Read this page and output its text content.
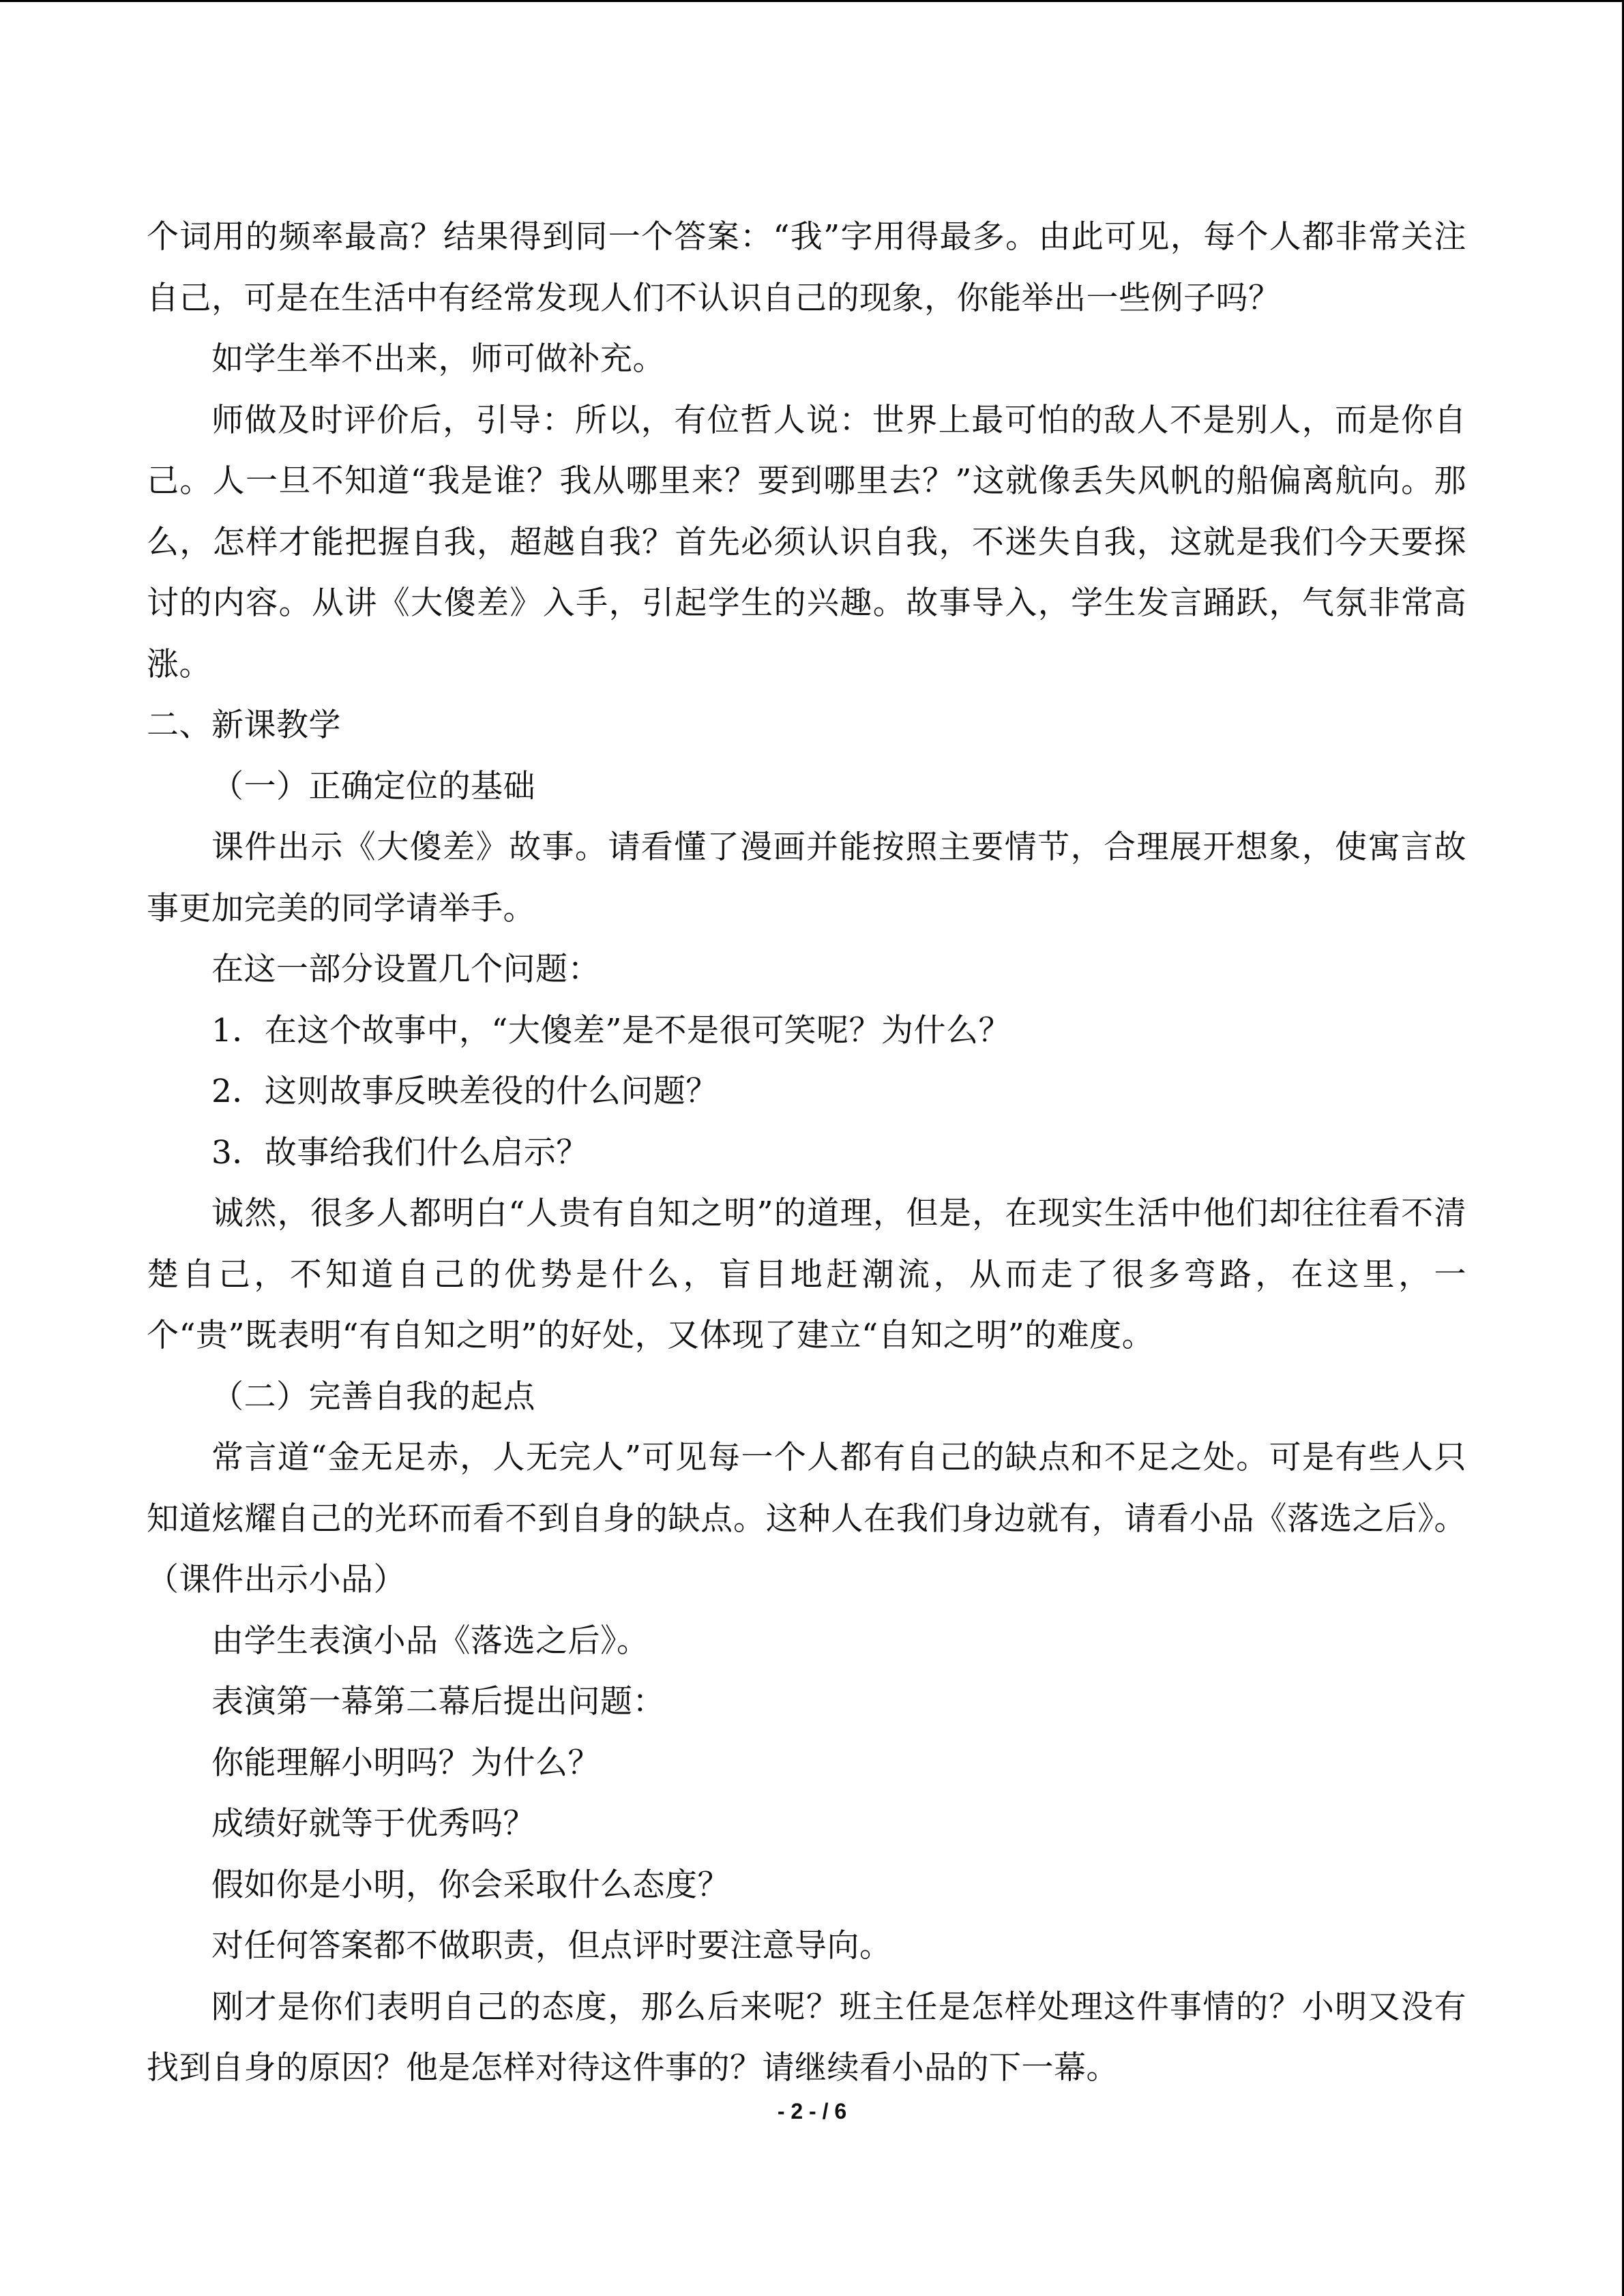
个词用的频率最高？结果得到同一个答案：“我”字用得最多。由此可见，每个人都非常关注自己，可是在生活中有经常发现人们不认识自己的现象，你能举出一些例子吗？

如学生举不出来，师可做补充。

师做及时评价后，引导：所以，有位哲人说：世界上最可怕的敌人不是别人，而是你自己。人一旦不知道“我是谁？我从哪里来？要到哪里去？”这就像丢失风帆的船偏离航向。那么，怎样才能把握自我，超越自我？首先必须认识自我，不迷失自我，这就是我们今天要探讨的内容。从讲《大傻差》入手，引起学生的兴趣。故事导入，学生发言踊跃，气氛非常高涨。

二、新课教学

（一）正确定位的基础

课件出示《大傻差》故事。请看懂了漫画并能按照主要情节，合理展开想象，使寓言故事更加完美的同学请举手。

在这一部分设置几个问题：

1．在这个故事中，“大傻差”是不是很可笑呢？为什么？

2．这则故事反映差役的什么问题？

3．故事给我们什么启示？

诚然，很多人都明白“人贵有自知之明”的道理，但是，在现实生活中他们却往往看不清楚自己，不知道自己的优势是什么，盲目地赶潮流，从而走了很多弯路，在这里，一个“贵”既表明“有自知之明”的好处，又体现了建立“自知之明”的难度。

（二）完善自我的起点

常言道“金无足赤，人无完人”可见每一个人都有自己的缺点和不足之处。可是有些人只知道炫耀自己的光环而看不到自身的缺点。这种人在我们身边就有，请看小品《落选之后》。（课件出示小品）

由学生表演小品《落选之后》。

表演第一幕第二幕后提出问题：

你能理解小明吗？为什么？

成绩好就等于优秀吗？

假如你是小明，你会采取什么态度？

对任何答案都不做职责，但点评时要注意导向。

刚才是你们表明自己的态度，那么后来呢？班主任是怎样处理这件事情的？小明又没有找到自身的原因？他是怎样对待这件事的？请继续看小品的下一幕。

- 2 - / 6
